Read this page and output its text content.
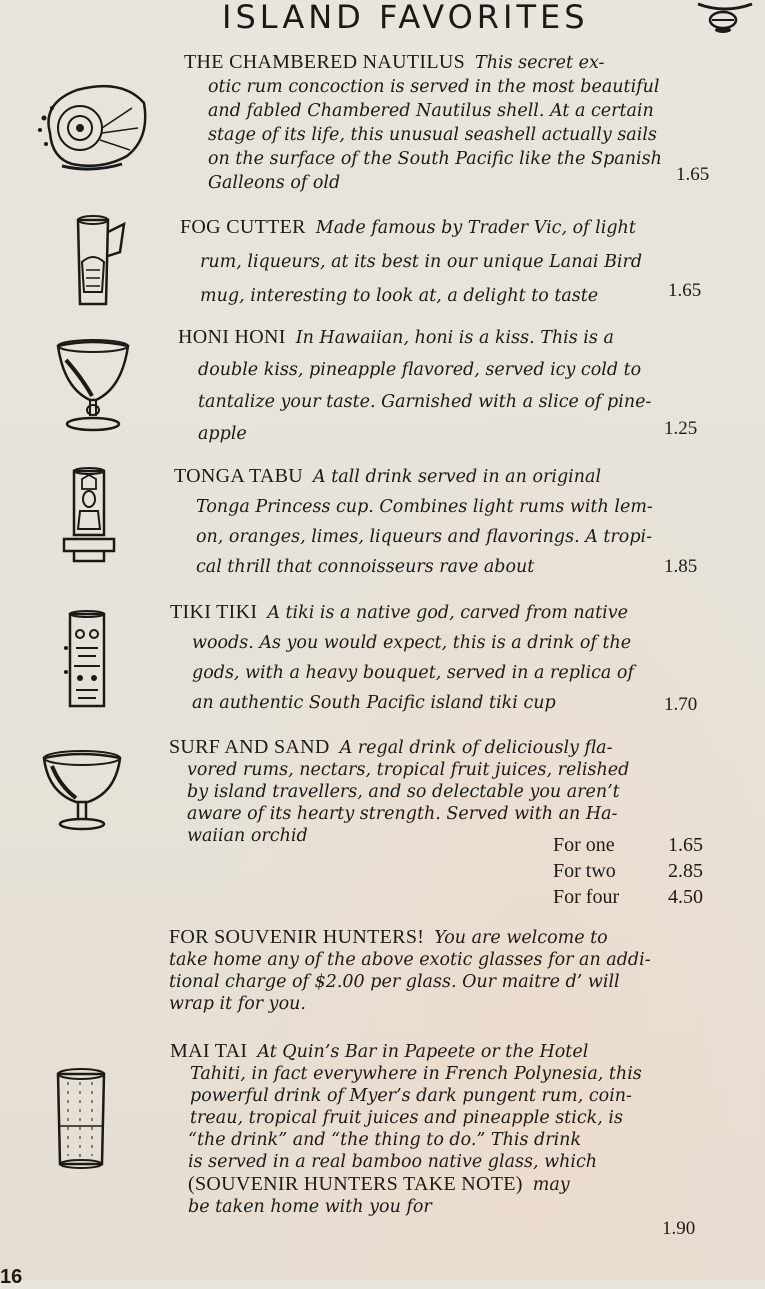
ISLAND FAVORITES
THE CHAMBERED NAUTILUS This secret ex-
otic rum concoction is served in the most beautiful
and fabled Chambered Nautilus shell. At a certain
stage of its life, this unusual seashell actually sails
on the surface of the South Pacific like the Spanish
Galleons of old	1.65
FOG CUTTER Made famous by Trader Vic, of light
rum, liqueurs, at its best in our unique Lanai Bird
mug, interesting to look at, a delight to taste	1.65
HONI HONI In Hawaiian, honi is a kiss. This is a
double kiss, pineapple flavored, served icy cold to
tantalize your taste. Garnished with a slice of pine-
apple	1.25
TONGA TABU A tall drink served in an original
Tonga Princess cup. Combines light rums with lem-
on, oranges, limes, liqueurs and flavorings. A tropi-
cal thrill that connoisseurs rave about	1.85
TIKI TIKI A tiki is a native god, carved from native
woods. As you would expect, this is a drink of the
gods, with a heavy bouquet, served in a replica of
an authentic South Pacific island tiki cup	1.70
SURF AND SAND A regal drink of deliciously fla-
vored rums, nectars, tropical fruit juices, relished
by island travellers, and so delectable you aren’t
aware of its hearty strength. Served with an Ha-
waiian orchid	For one	1.65
For two	2.85
For four 4.50
FOR SOUVENIR HUNTERS! You are welcome to
take home any of the above exotic glasses for an addi-
tional charge of $2.00 per glass. Our maitre d’ will
wrap it for you.
MAI TAI At Quin’s Bar in Papeete or the Hotel
Tahiti, in fact everywhere in French Polynesia, this
powerful drink of Myer’s dark pungent rum, coin-
treau, tropical fruit juices and pineapple stick, is
“the drink” and “the thing to do.” This drink
is served in a real bamboo native glass, which
(SOUVENIR HUNTERS TAKE NOTE) may
be taken home with you for
1.90
16
